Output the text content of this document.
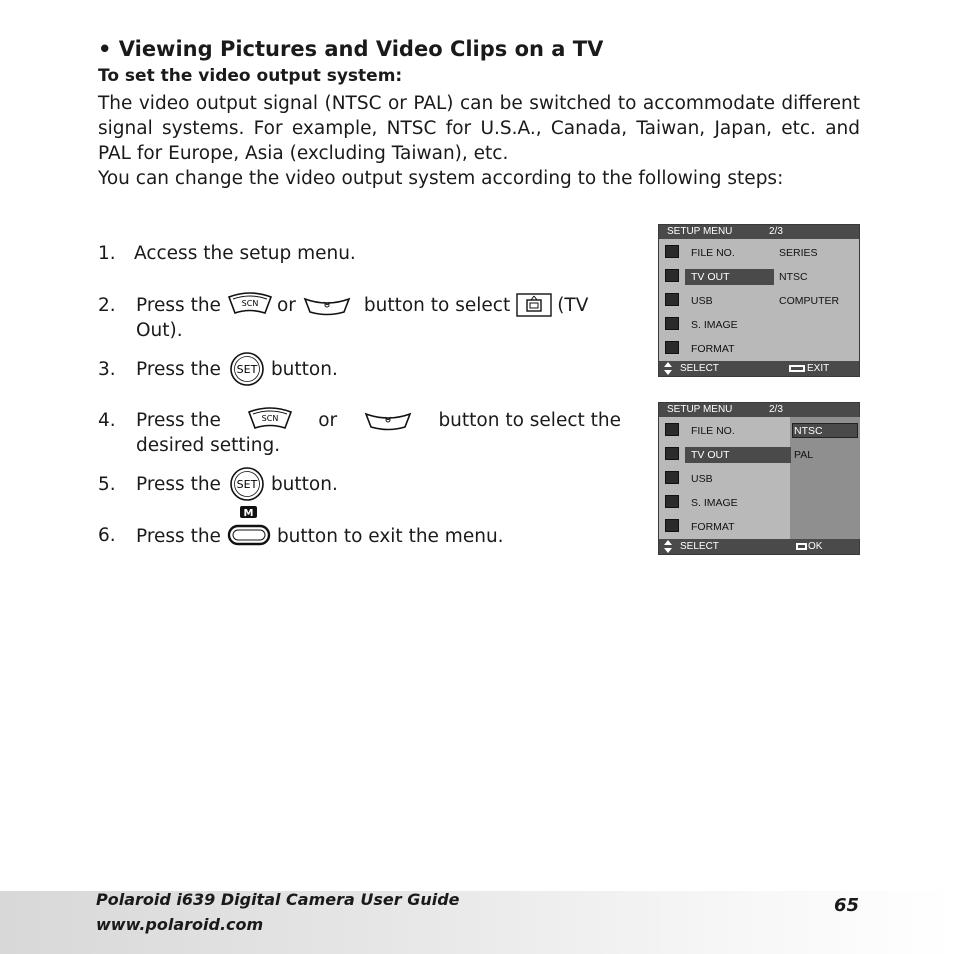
• Viewing Pictures and Video Clips on a TV
To set the video output system:
The video output signal (NTSC or PAL) can be switched to accommodate different signal systems. For example, NTSC for U.S.A., Canada, Taiwan, Japan, etc. and PAL for Europe, Asia (excluding Taiwan), etc.
You can change the video output system according to the following steps:
1. Access the setup menu.
2. Press the	SCN or	button to select	(TV
Out).
3. Press the SET button.
4. Press the	SCN or	button to select the
desired setting.
5. Press the SET button.
6. Press the
M
button to exit the menu.
SETUP MENU	2/3
FILE NO.	SERIES
TV OUT	NTSC
USB	COMPUTER
S. IMAGE
FORMAT
SELECT	EXIT
SETUP MENU	2/3
FILE NO.	NTSC
TV OUT	PAL
USB
S. IMAGE
FORMAT
SELECT	OK
Polaroid i639 Digital Camera User Guide
www.polaroid.com
65
